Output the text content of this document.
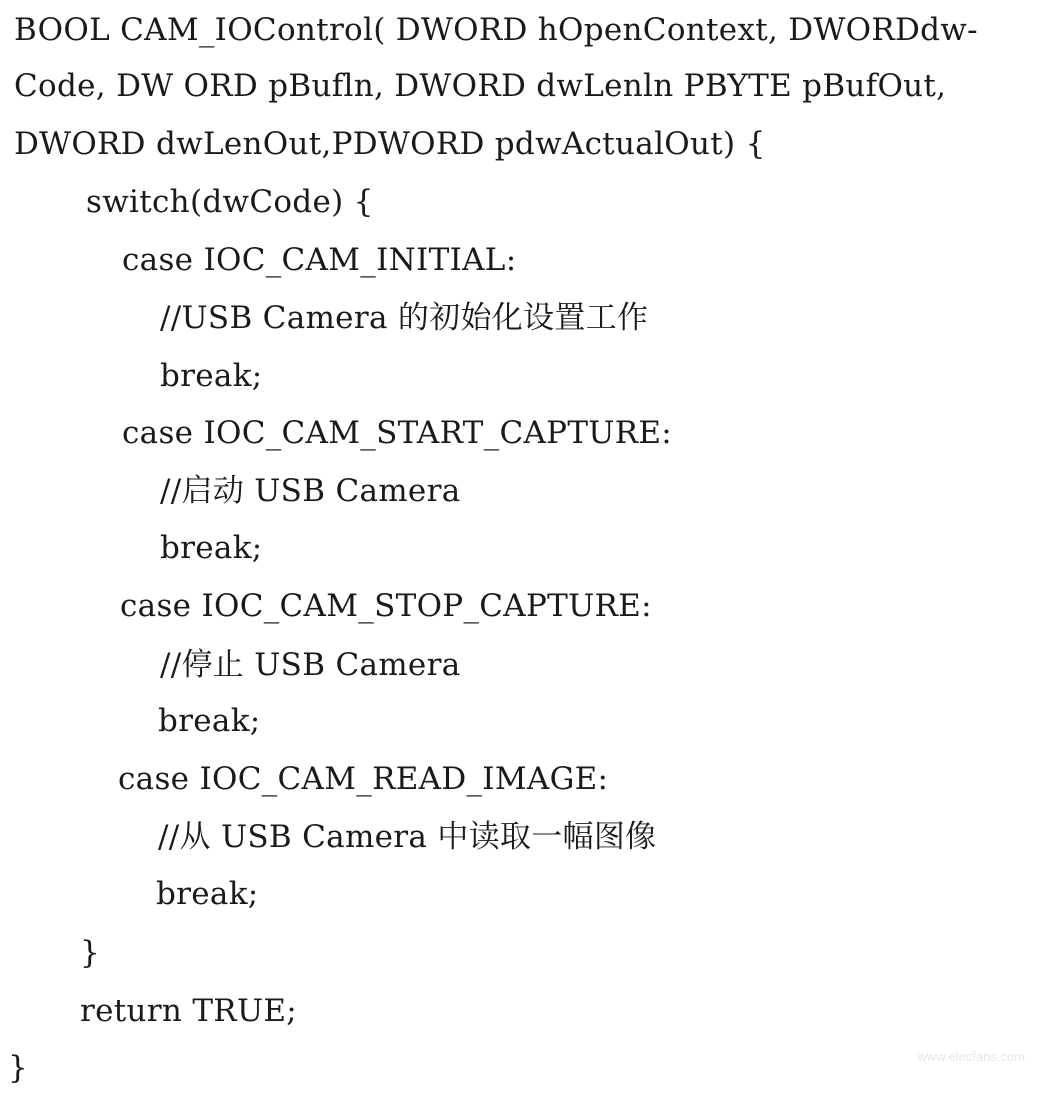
BOOL CAM_IOControl( DWORD hOpenContext, DWORDdw-
Code, DW ORD pBufln, DWORD dwLenln PBYTE pBufOut,
DWORD dwLenOut,PDWORD pdwActualOut) {
switch(dwCode) {
case IOC_CAM_INITIAL:
//USB Camera 的初始化设置工作
break;
case IOC_CAM_START_CAPTURE:
//启动 USB Camera
break;
case IOC_CAM_STOP_CAPTURE:
//停止 USB Camera
break;
case IOC_CAM_READ_IMAGE:
//从 USB Camera 中读取一幅图像
break;
}
return TRUE;
}	www.elecfans.com
